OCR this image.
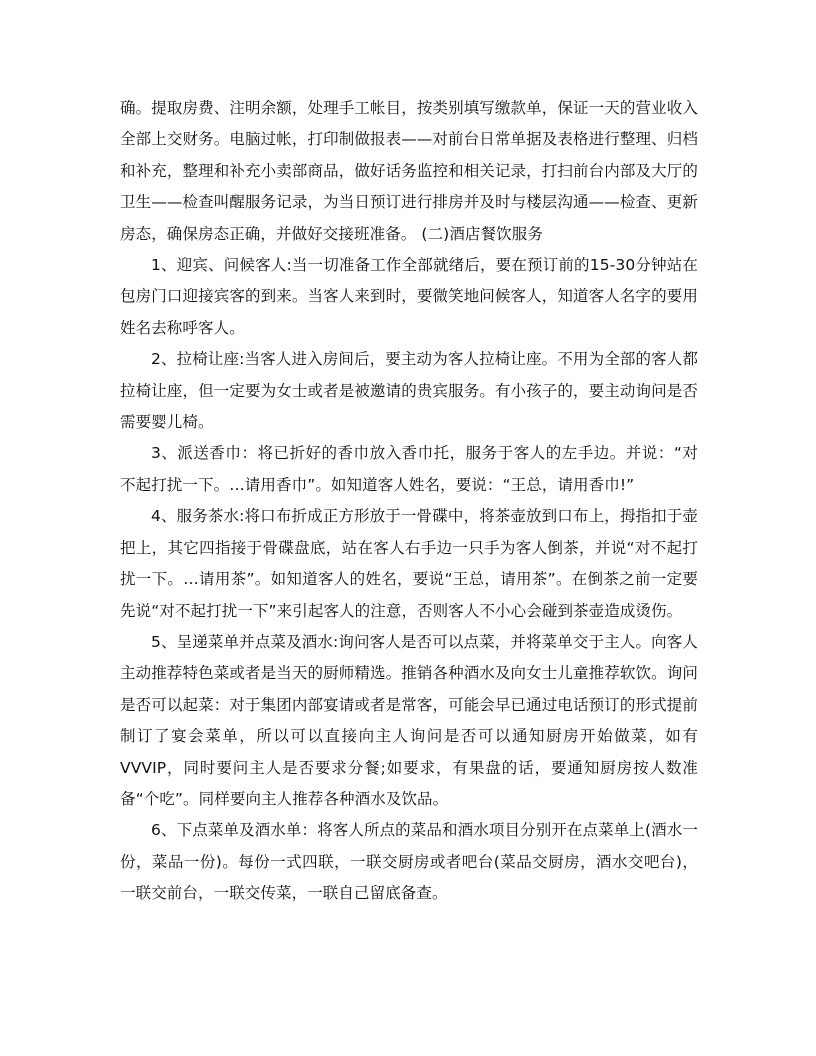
确。提取房费、注明余额，处理手工帐目，按类别填写缴款单，保证一天的营业收入全部上交财务。电脑过帐，打印制做报表——对前台日常单据及表格进行整理、归档和补充，整理和补充小卖部商品，做好话务监控和相关记录，打扫前台内部及大厅的卫生——检查叫醒服务记录，为当日预订进行排房并及时与楼层沟通——检查、更新房态，确保房态正确，并做好交接班准备。 (二)酒店餐饮服务

1、迎宾、问候客人:当一切准备工作全部就绪后，要在预订前的15-30分钟站在包房门口迎接宾客的到来。当客人来到时，要微笑地问候客人，知道客人名字的要用姓名去称呼客人。

2、拉椅让座:当客人进入房间后，要主动为客人拉椅让座。不用为全部的客人都拉椅让座，但一定要为女士或者是被邀请的贵宾服务。有小孩子的，要主动询问是否需要婴儿椅。

3、派送香巾：将已折好的香巾放入香巾托，服务于客人的左手边。并说：“对不起打扰一下。…请用香巾”。如知道客人姓名，要说：“王总，请用香巾!”

4、服务茶水:将口布折成正方形放于一骨碟中，将茶壶放到口布上，拇指扣于壶把上，其它四指接于骨碟盘底，站在客人右手边一只手为客人倒茶，并说“对不起打扰一下。…请用茶”。如知道客人的姓名，要说“王总，请用茶”。在倒茶之前一定要先说“对不起打扰一下”来引起客人的注意，否则客人不小心会碰到茶壶造成烫伤。

5、呈递菜单并点菜及酒水:询问客人是否可以点菜，并将菜单交于主人。向客人主动推荐特色菜或者是当天的厨师精选。推销各种酒水及向女士儿童推荐软饮。询问是否可以起菜：对于集团内部宴请或者是常客，可能会早已通过电话预订的形式提前制订了宴会菜单，所以可以直接向主人询问是否可以通知厨房开始做菜，如有VVVIP，同时要问主人是否要求分餐;如要求，有果盘的话，要通知厨房按人数准备“个吃”。同样要向主人推荐各种酒水及饮品。

6、下点菜单及酒水单：将客人所点的菜品和酒水项目分别开在点菜单上(酒水一份，菜品一份)。每份一式四联，一联交厨房或者吧台(菜品交厨房，酒水交吧台)，一联交前台，一联交传菜，一联自己留底备查。
